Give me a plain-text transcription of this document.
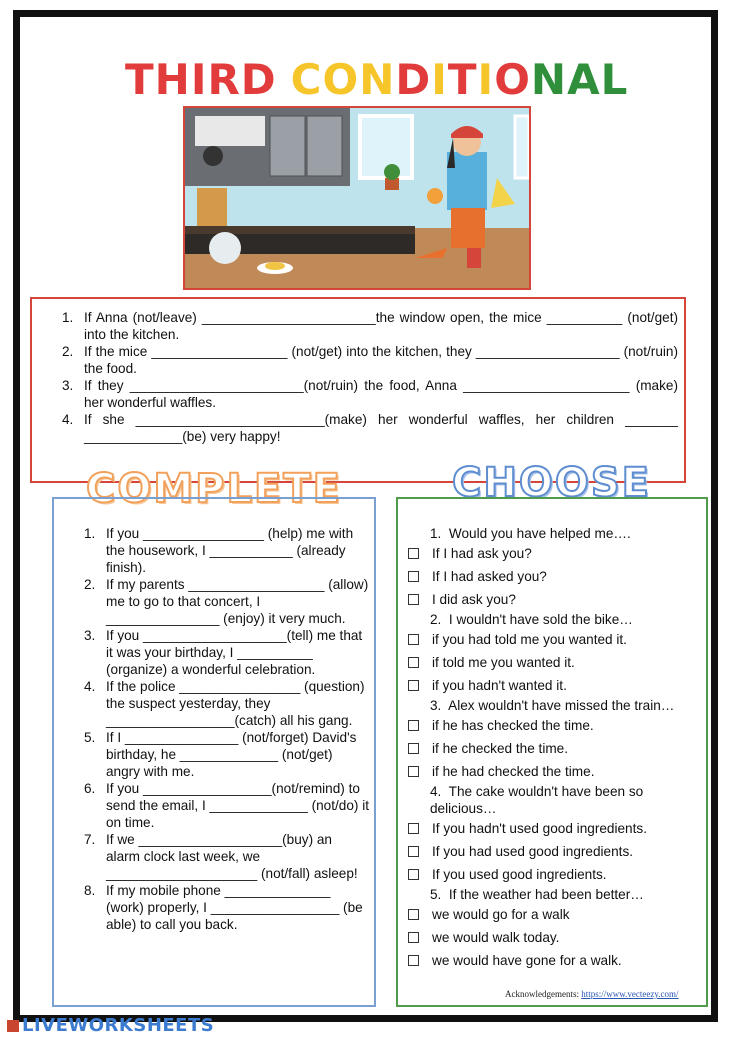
THIRD CONDITIONAL
1. If Anna (not/leave) _______________________the window open, the mice __________ (not/get) into the kitchen.
2. If the mice __________________ (not/get) into the kitchen, they ___________________ (not/ruin) the food.
3. If they _______________________(not/ruin) the food, Anna ______________________ (make) her wonderful waffles.
4. If she _________________________(make) her wonderful waffles, her children _______ _____________(be) very happy!
COMPLETE	CHOOSE
1. If you ________________ (help) me with the housework, I ___________ (already finish).
2. If my parents __________________ (allow) me to go to that concert, I _______________ (enjoy) it very much.
3. If you ___________________(tell) me that it was your birthday, I __________ (organize) a wonderful celebration.
4. If the police ________________ (question) the suspect yesterday, they _________________(catch) all his gang.
5. If I _______________ (not/forget) David's birthday, he _____________ (not/get) angry with me.
6. If you _________________(not/remind) to send the email, I _____________ (not/do) it on time.
7. If we ___________________(buy) an alarm clock last week, we ____________________ (not/fall) asleep!
8. If my mobile phone ______________ (work) properly, I _________________ (be able) to call you back.
1.  Would you have helped me….
If I had ask you?
If I had asked you?
I did ask you?
2.  I wouldn't have sold the bike…
if you had told me you wanted it.
if told me you wanted it.
if you hadn't wanted it.
3.  Alex wouldn't have missed the train…
if he has checked the time.
if he checked the time.
if he had checked the time.
4.  The cake wouldn't have been so delicious…
If you hadn't used good ingredients.
If you had used good ingredients.
If you used good ingredients.
5.  If the weather had been better…
we would go for a walk
we would walk today.
we would have gone for a walk.
Acknowledgements: https://www.vecteezy.com/
LIVEWORKSHEETS
